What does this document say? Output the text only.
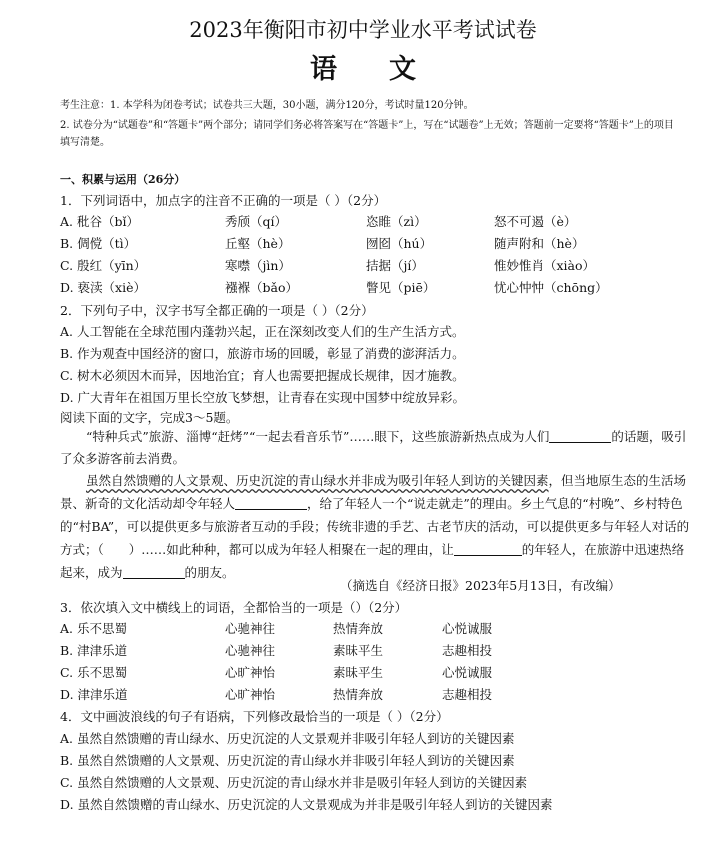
2023年衡阳市初中学业水平考试试卷
语 文
考生注意：1. 本学科为闭卷考试；试卷共三大题，30小题，满分120分，考试时量120分钟。
2. 试卷分为“试题卷”和“答题卡”两个部分；请同学们务必将答案写在“答题卡”上，写在“试题卷”上无效；答题前一定要将“答题卡”上的项目填写清楚。
一、积累与运用（26分）
1．下列词语中，加点字的注音不正确的一项是（ ）（2分）
A. 秕谷（bǐ）	秀颀（qí）	恣睢（zì）	怒不可遏（è）
B. 倜傥（tì）	丘壑（hè）	囫囵（hú）	随声附和（hè）
C. 殷红（yīn）	寒噤（jìn）	拮据（jí）	惟妙惟肖（xiào）
D. 亵渎（xiè）	襁褓（bǎo）	瞥见（piē）	忧心忡忡（chōng）
2．下列句子中，汉字书写全都正确的一项是（ ）（2分）
A. 人工智能在全球范围内蓬勃兴起，正在深刻改变人们的生产生活方式。
B. 作为观查中国经济的窗口，旅游市场的回暖，彰显了消费的澎湃活力。
C. 树木必须因木而异，因地治宜；育人也需要把握成长规律，因才施教。
D. 广大青年在祖国万里长空放飞梦想，让青春在实现中国梦中绽放异彩。
阅读下面的文字，完成3～5题。
“特种兵式”旅游、淄博“赶烤”“一起去看音乐节”……眼下，这些旅游新热点成为人们	的话题，吸引了众多游客前去消费。
虽然自然馈赠的人文景观、历史沉淀的青山绿水并非成为吸引年轻人到访的关键因素，但当地原生态的生活场景、新奇的文化活动却令年轻人	，给了年轻人一个“说走就走”的理由。乡土气息的“村晚”、乡村特色的“村BA”，可以提供更多与旅游者互动的手段；传统非遗的手艺、古老节庆的活动，可以提供更多与年轻人对话的方式；（　　）……如此种种，都可以成为年轻人相聚在一起的理由，让	的年轻人，在旅游中迅速热络起来，成为	的朋友。
（摘选自《经济日报》2023年5月13日，有改编）
3．依次填入文中横线上的词语，全都恰当的一项是（）（2分）
A. 乐不思蜀	心驰神往	热情奔放	心悦诚服
B. 津津乐道	心驰神往	素昧平生	志趣相投
C. 乐不思蜀	心旷神怡	素昧平生	心悦诚服
D. 津津乐道	心旷神怡	热情奔放	志趣相投
4．文中画波浪线的句子有语病，下列修改最恰当的一项是（ ）（2分）
A. 虽然自然馈赠的青山绿水、历史沉淀的人文景观并非吸引年轻人到访的关键因素
B. 虽然自然馈赠的人文景观、历史沉淀的青山绿水并非吸引年轻人到访的关键因素
C. 虽然自然馈赠的人文景观、历史沉淀的青山绿水并非是吸引年轻人到访的关键因素
D. 虽然自然馈赠的青山绿水、历史沉淀的人文景观成为并非是吸引年轻人到访的关键因素
